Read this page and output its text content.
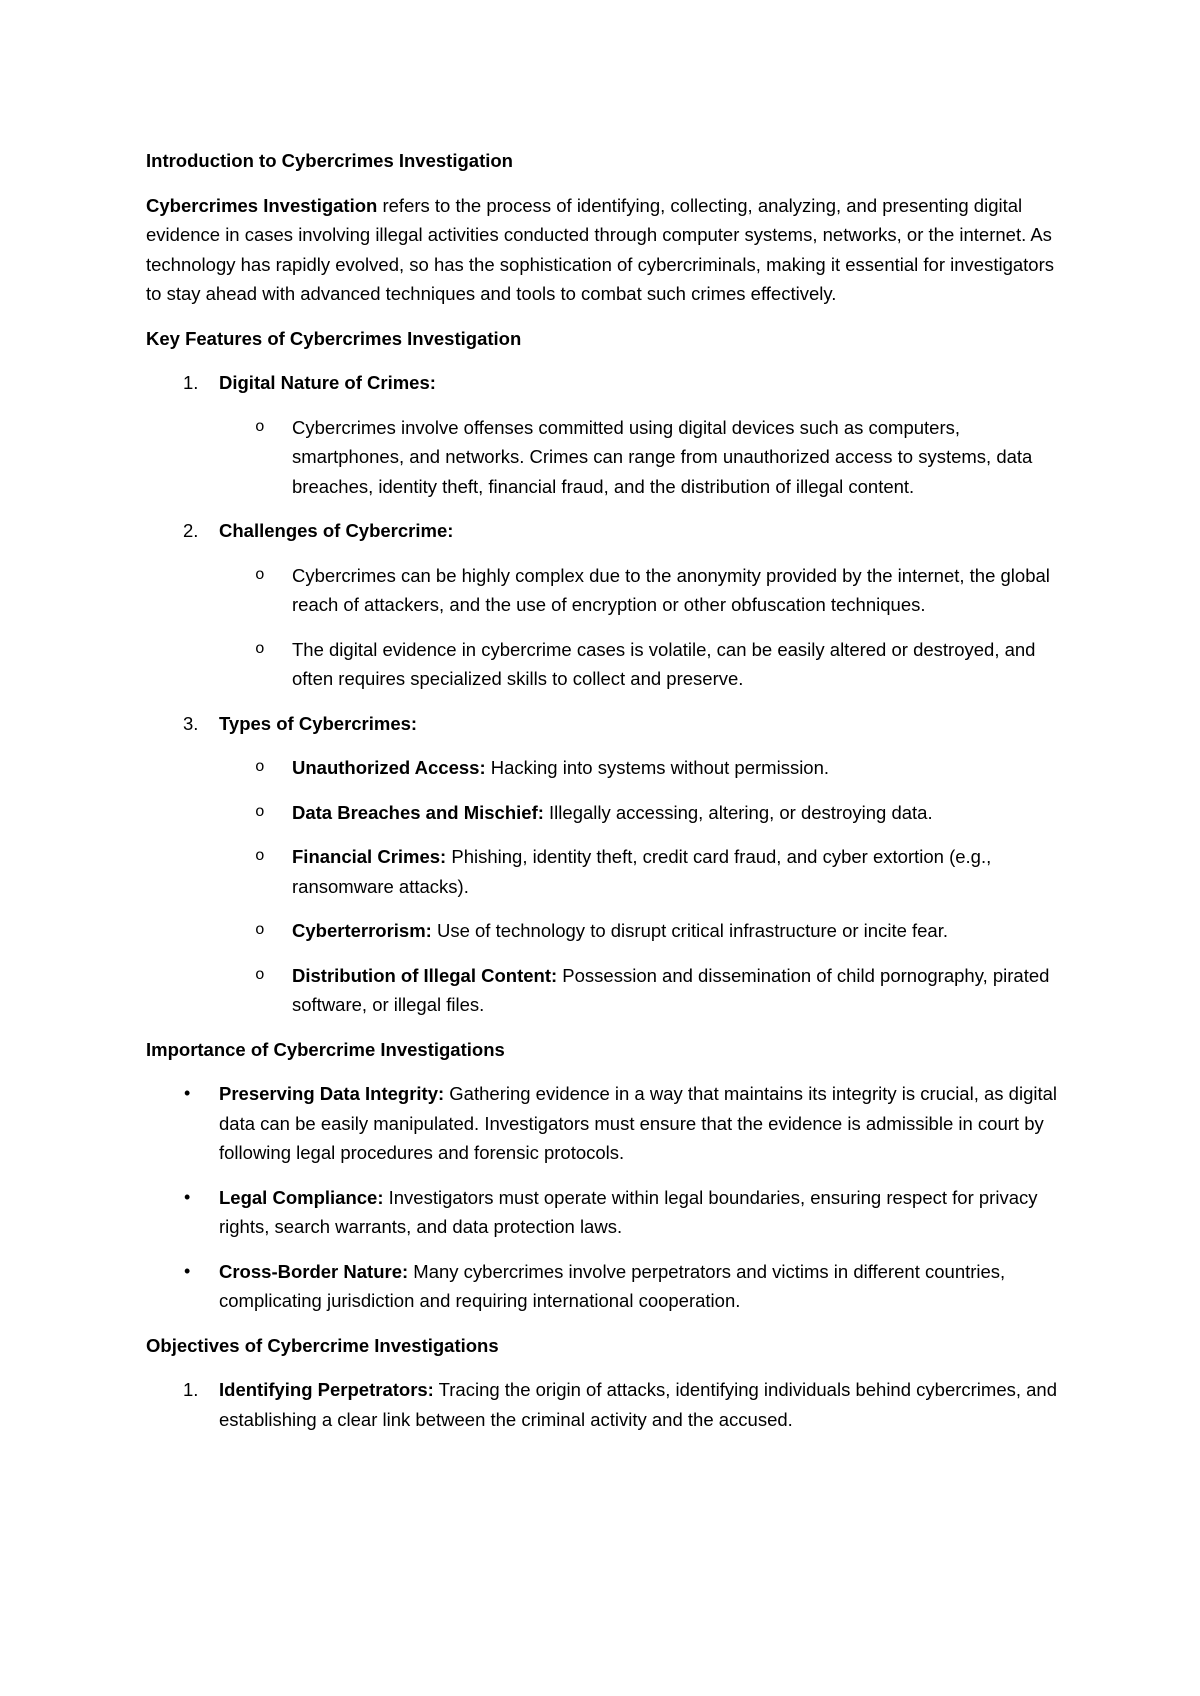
Introduction to Cybercrimes Investigation
Cybercrimes Investigation refers to the process of identifying, collecting, analyzing, and presenting digital evidence in cases involving illegal activities conducted through computer systems, networks, or the internet. As technology has rapidly evolved, so has the sophistication of cybercriminals, making it essential for investigators to stay ahead with advanced techniques and tools to combat such crimes effectively.
Key Features of Cybercrimes Investigation
1. Digital Nature of Crimes:
o Cybercrimes involve offenses committed using digital devices such as computers, smartphones, and networks. Crimes can range from unauthorized access to systems, data breaches, identity theft, financial fraud, and the distribution of illegal content.
2. Challenges of Cybercrime:
o Cybercrimes can be highly complex due to the anonymity provided by the internet, the global reach of attackers, and the use of encryption or other obfuscation techniques.
o The digital evidence in cybercrime cases is volatile, can be easily altered or destroyed, and often requires specialized skills to collect and preserve.
3. Types of Cybercrimes:
o Unauthorized Access: Hacking into systems without permission.
o Data Breaches and Mischief: Illegally accessing, altering, or destroying data.
o Financial Crimes: Phishing, identity theft, credit card fraud, and cyber extortion (e.g., ransomware attacks).
o Cyberterrorism: Use of technology to disrupt critical infrastructure or incite fear.
o Distribution of Illegal Content: Possession and dissemination of child pornography, pirated software, or illegal files.
Importance of Cybercrime Investigations
• Preserving Data Integrity: Gathering evidence in a way that maintains its integrity is crucial, as digital data can be easily manipulated. Investigators must ensure that the evidence is admissible in court by following legal procedures and forensic protocols.
• Legal Compliance: Investigators must operate within legal boundaries, ensuring respect for privacy rights, search warrants, and data protection laws.
• Cross-Border Nature: Many cybercrimes involve perpetrators and victims in different countries, complicating jurisdiction and requiring international cooperation.
Objectives of Cybercrime Investigations
1. Identifying Perpetrators: Tracing the origin of attacks, identifying individuals behind cybercrimes, and establishing a clear link between the criminal activity and the accused.
